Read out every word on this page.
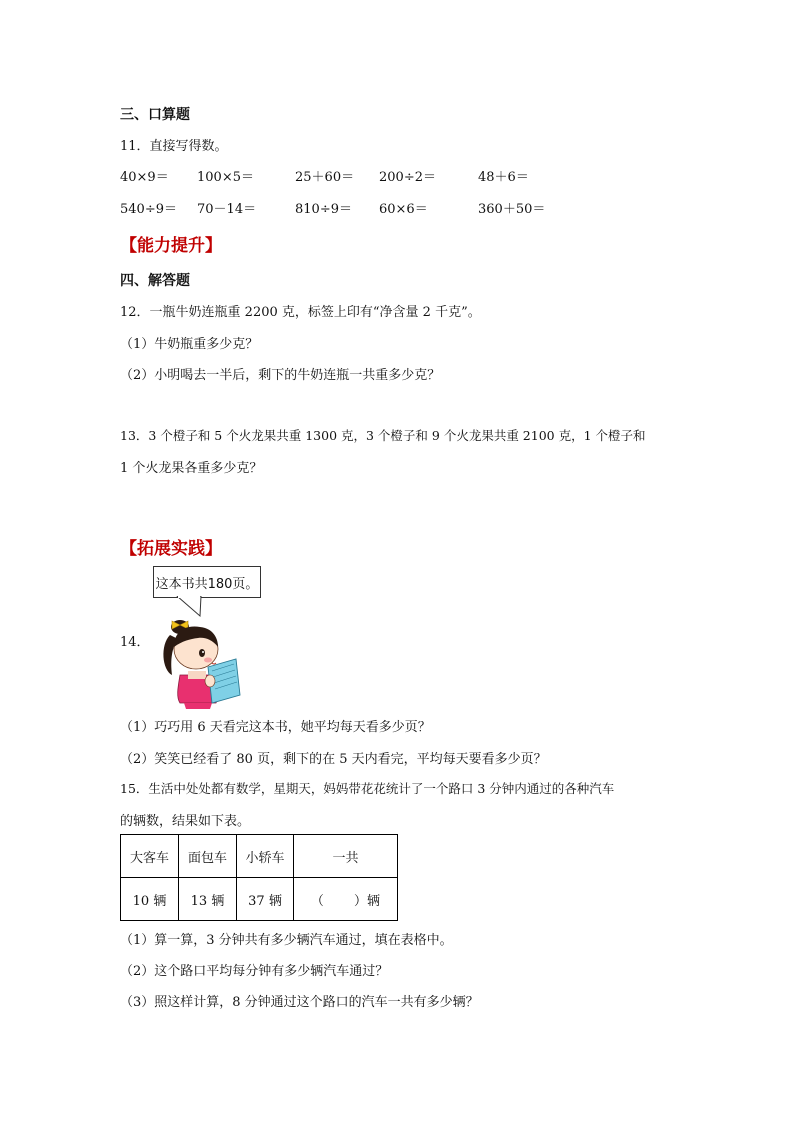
三、口算题
11．直接写得数。
40×9＝ 100×5＝	25＋60＝ 200÷2＝	48＋6＝
540÷9＝ 70－14＝	810÷9＝ 60×6＝	360＋50＝
【能力提升】
四、解答题
12．一瓶牛奶连瓶重 2200 克，标签上印有“净含量 2 千克”。
（1）牛奶瓶重多少克？
（2）小明喝去一半后，剩下的牛奶连瓶一共重多少克？
13．3 个橙子和 5 个火龙果共重 1300 克，3 个橙子和 9 个火龙果共重 2100 克，1 个橙子和
1 个火龙果各重多少克？
【拓展实践】
这本书共180页。
14．
（1）巧巧用 6 天看完这本书，她平均每天看多少页？
（2）笑笑已经看了 80 页，剩下的在 5 天内看完，平均每天要看多少页？
15．生活中处处都有数学，星期天，妈妈带花花统计了一个路口 3 分钟内通过的各种汽车
的辆数，结果如下表。
大客车	面包车	小轿车	一共
10 辆	13 辆	37 辆	（　　 ）辆
（1）算一算，3 分钟共有多少辆汽车通过，填在表格中。
（2）这个路口平均每分钟有多少辆汽车通过？
（3）照这样计算，8 分钟通过这个路口的汽车一共有多少辆？
